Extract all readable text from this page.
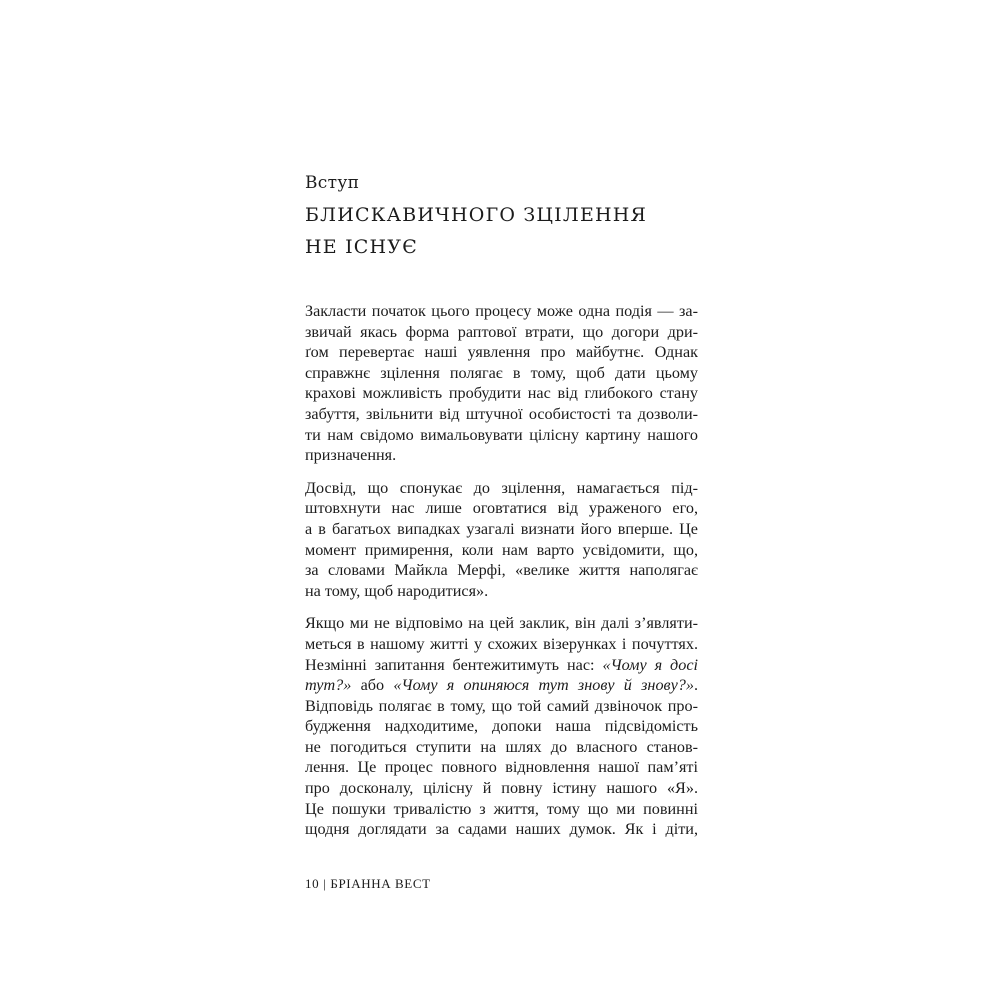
Вступ

БЛИСКАВИЧНОГО ЗЦІЛЕННЯ
НЕ ІСНУЄ

Закласти початок цього процесу може одна подія — за-
звичай якась форма раптової втрати, що догори дри-
ґом перевертає наші уявлення про майбутнє. Однак
справжнє зцілення полягає в тому, щоб дати цьому
крахові можливість пробудити нас від глибокого стану
забуття, звільнити від штучної особистості та дозволи-
ти нам свідомо вимальовувати цілісну картину нашого
призначення.

Досвід, що спонукає до зцілення, намагається під-
штовхнути нас лише оговтатися від ураженого его,
а в багатьох випадках узагалі визнати його вперше. Це
момент примирення, коли нам варто усвідомити, що,
за словами Майкла Мерфі, «велике життя наполягає
на тому, щоб народитися».

Якщо ми не відповімо на цей заклик, він далі з’являти-
меться в нашому житті у схожих візерунках і почуттях.
Незмінні запитання бентежитимуть нас: «Чому я досі
тут?» або «Чому я опиняюся тут знову й знову?».
Відповідь полягає в тому, що той самий дзвіночок про-
будження надходитиме, допоки наша підсвідомість
не погодиться ступити на шлях до власного станов-
лення. Це процес повного відновлення нашої пам’яті
про досконалу, цілісну й повну істину нашого «Я».
Це пошуки тривалістю з життя, тому що ми повинні
щодня доглядати за садами наших думок. Як і діти,

10 | БРІАННА ВЕСТ
